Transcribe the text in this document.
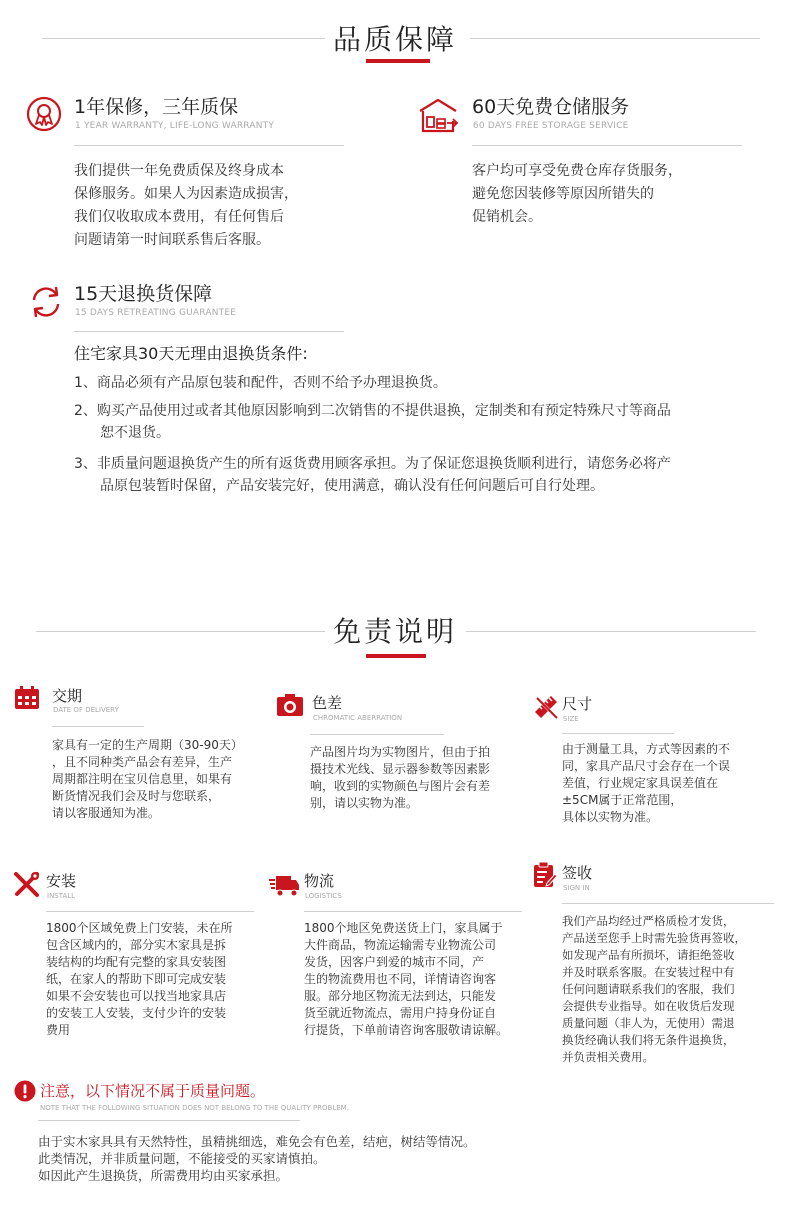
品质保障
1年保修，三年质保
1 YEAR WARRANTY, LIFE-LONG WARRANTY
我们提供一年免费质保及终身成本
保修服务。如果人为因素造成损害，
我们仅收取成本费用，有任何售后
问题请第一时间联系售后客服。
60天免费仓储服务
60 DAYS FREE STORAGE SERVICE
客户均可享受免费仓库存货服务，
避免您因装修等原因所错失的
促销机会。
15天退换货保障
15 DAYS RETREATING GUARANTEE
住宅家具30天无理由退换货条件:
1、商品必须有产品原包装和配件，否则不给予办理退换货。
2、购买产品使用过或者其他原因影响到二次销售的不提供退换，定制类和有预定特殊尺寸等商品
恕不退货。
3、非质量问题退换货产生的所有返货费用顾客承担。为了保证您退换货顺利进行，请您务必将产
品原包装暂时保留，产品安装完好，使用满意，确认没有任何问题后可自行处理。
免责说明
交期
DATE OF DELIVERY
家具有一定的生产周期（30-90天）
，且不同种类产品会有差异，生产
周期都注明在宝贝信息里，如果有
断货情况我们会及时与您联系，
请以客服通知为准。
色差
CHROMATIC ABERRATION
产品图片均为实物图片，但由于拍
摄技术光线、显示器参数等因素影
响，收到的实物颜色与图片会有差
别，请以实物为准。
尺寸
SIZE
由于测量工具，方式等因素的不
同，家具产品尺寸会存在一个误
差值，行业规定家具误差值在
±5CM属于正常范围，
具体以实物为准。
安装
INSTALL
1800个区域免费上门安装，未在所
包含区域内的，部分实木家具是拆
装结构的均配有完整的家具安装图
纸，在家人的帮助下即可完成安装
如果不会安装也可以找当地家具店
的安装工人安装，支付少许的安装
费用
物流
LOGISTICS
1800个地区免费送货上门，家具属于
大件商品，物流运输需专业物流公司
发货，因客户到爱的城市不同，产
生的物流费用也不同，详情请咨询客
服。部分地区物流无法到达，只能发
货至就近物流点，需用户持身份证自
行提货，下单前请咨询客服敬请谅解。
签收
SIGN IN
我们产品均经过严格质检才发货，
产品送至您手上时需先验货再签收，
如发现产品有所损坏，请拒绝签收
并及时联系客服。在安装过程中有
任何问题请联系我们的客服，我们
会提供专业指导。如在收货后发现
质量问题（非人为，无使用）需退
换货经确认我们将无条件退换货，
并负责相关费用。
注意，以下情况不属于质量问题。
NOTE THAT THE FOLLOWING SITUATION DOES NOT BELONG TO THE QUALITY PROBLEM.
由于实木家具具有天然特性，虽精挑细选，难免会有色差，结疤，树结等情况。
此类情况，并非质量问题，不能接受的买家请慎拍。
如因此产生退换货，所需费用均由买家承担。
